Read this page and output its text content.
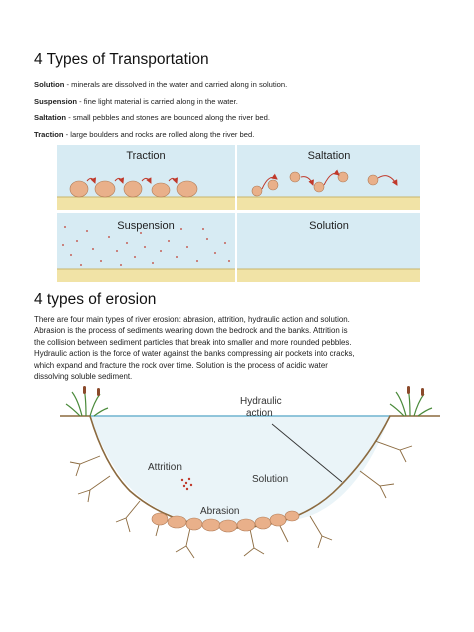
4 Types of Transportation
Solution - minerals are dissolved in the water and carried along in solution.
Suspension - fine light material is carried along in the water.
Saltation - small pebbles and stones are bounced along the river bed.
Traction - large boulders and rocks are rolled along the river bed.
Traction	Saltation
Suspension	Solution
4 types of erosion
There are four main types of river erosion: abrasion, attrition, hydraulic action and solution.
Abrasion is the process of sediments wearing down the bedrock and the banks. Attrition is
the collision between sediment particles that break into smaller and more rounded pebbles.
Hydraulic action is the force of water against the banks compressing air pockets into cracks,
which expand and fracture the rock over time. Solution is the process of acidic water
dissolving soluble sediment.
Hydraulic
action
Attrition
Solution
Abrasion
